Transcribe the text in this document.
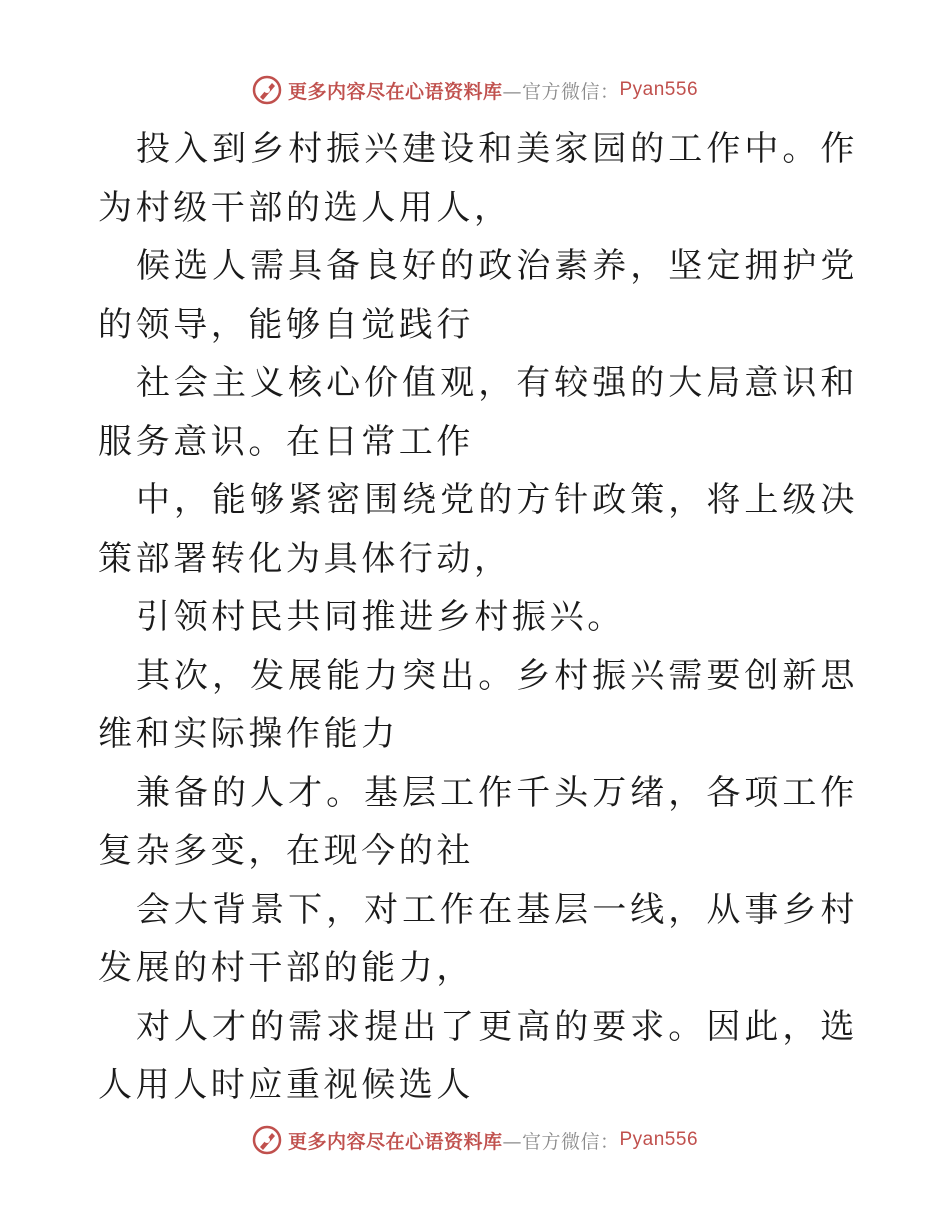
更多内容尽在心语资料库 —官方微信： Pyan556

投入到乡村振兴建设和美家园的工作中。作为村级干部的选人用人，

候选人需具备良好的政治素养，坚定拥护党的领导，能够自觉践行

社会主义核心价值观，有较强的大局意识和服务意识。在日常工作

中，能够紧密围绕党的方针政策，将上级决策部署转化为具体行动，

引领村民共同推进乡村振兴。

其次，发展能力突出。乡村振兴需要创新思维和实际操作能力

兼备的人才。基层工作千头万绪，各项工作复杂多变，在现今的社

会大背景下，对工作在基层一线，从事乡村发展的村干部的能力，

对人才的需求提出了更高的要求。因此，选人用人时应重视候选人

更多内容尽在心语资料库 —官方微信： Pyan556
